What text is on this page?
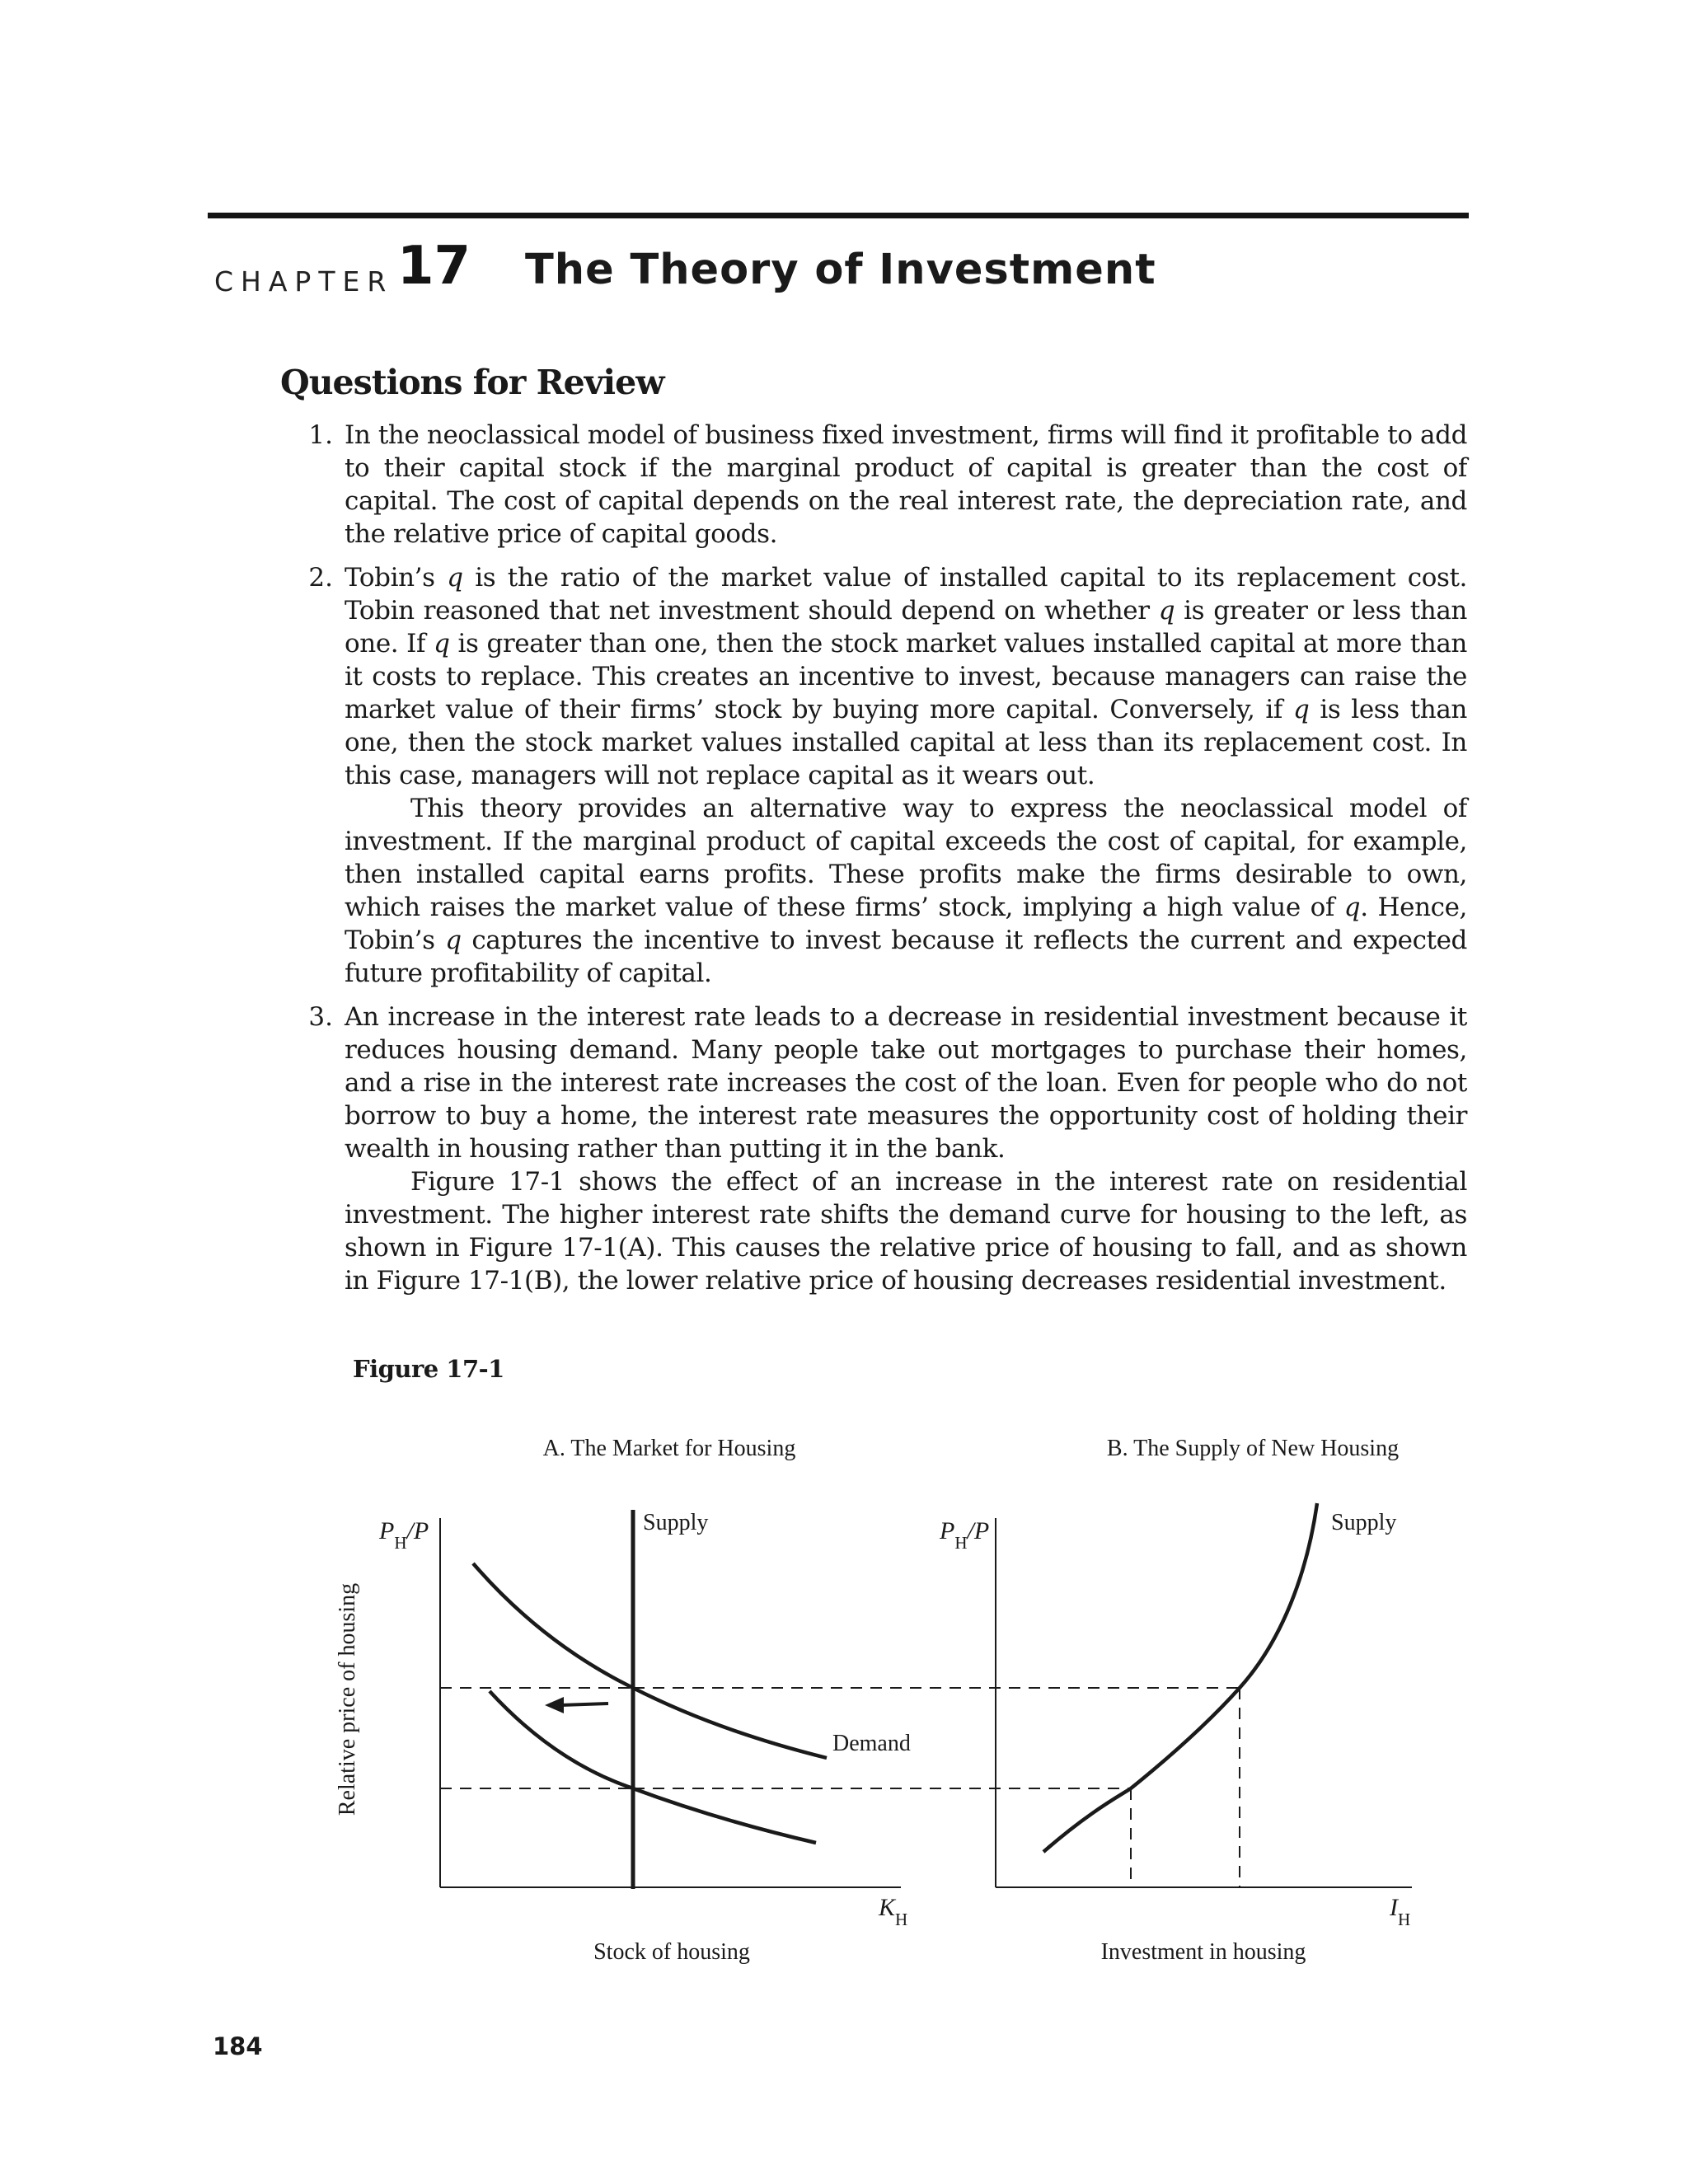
CHAPTER 17 The Theory of Investment
Questions for Review
1. In the neoclassical model of business fixed investment, firms will find it profitable to add to their capital stock if the marginal product of capital is greater than the cost of capital. The cost of capital depends on the real interest rate, the depreciation rate, and the relative price of capital goods.

2. Tobin’s q is the ratio of the market value of installed capital to its replacement cost. Tobin reasoned that net investment should depend on whether q is greater or less than one. If q is greater than one, then the stock market values installed capital at more than it costs to replace. This creates an incentive to invest, because managers can raise the market value of their firms’ stock by buying more capital. Conversely, if q is less than one, then the stock market values installed capital at less than its replacement cost. In this case, managers will not replace capital as it wears out.

This theory provides an alternative way to express the neoclassical model of investment. If the marginal product of capital exceeds the cost of capital, for example, then installed capital earns profits. These profits make the firms desirable to own, which raises the market value of these firms’ stock, implying a high value of q. Hence, Tobin’s q captures the incentive to invest because it reflects the current and expected future profitability of capital.

3. An increase in the interest rate leads to a decrease in residential investment because it reduces housing demand. Many people take out mortgages to purchase their homes, and a rise in the interest rate increases the cost of the loan. Even for people who do not borrow to buy a home, the interest rate measures the opportunity cost of holding their wealth in housing rather than putting it in the bank.

Figure 17-1 shows the effect of an increase in the interest rate on residential investment. The higher interest rate shifts the demand curve for housing to the left, as shown in Figure 17-1(A). This causes the relative price of housing to fall, and as shown in Figure 17-1(B), the lower relative price of housing decreases residential investment.

Figure 17-1
Relative price of housing
A. The Market for Housing
$P_H/P$	Supply
Demand
$K_H$
Stock of housing
B. The Supply of New Housing
$P_H/P$	Supply
$I_H$
Investment in housing
184
